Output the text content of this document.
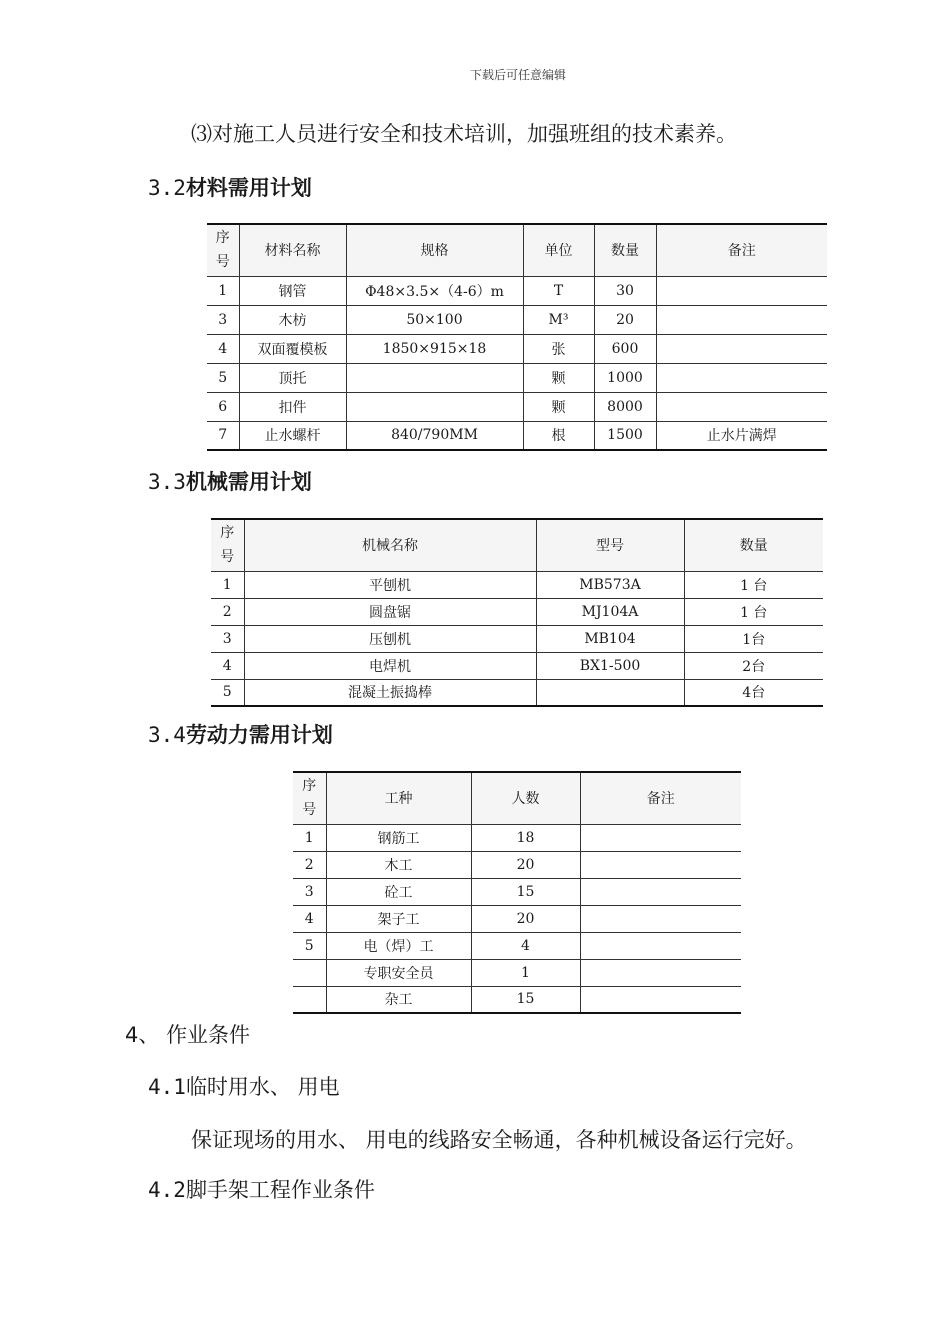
下载后可任意编辑
⑶对施工人员进行安全和技术培训，加强班组的技术素养。
3.2材料需用计划
序
号	材料名称	规格	单位	数量	备注
1	钢管	Φ48×3.5×（4-6）m	T	30	
3	木枋	50×100	M³	20	
4	双面覆模板	1850×915×18	张	600	
5	顶托		颗	1000	
6	扣件		颗	8000	
7	止水螺杆	840/790MM	根	1500	止水片满焊
3.3机械需用计划
序
号	机械名称	型号	数量
1	平刨机	MB573A	1 台
2	圆盘锯	MJ104A	1 台
3	压刨机	MB104	1台
4	电焊机	BX1-500	2台
5	混凝土振捣棒		4台
3.4劳动力需用计划
序
号	工种	人数	备注
1	钢筋工	18	
2	木工	20	
3	砼工	15	
4	架子工	20	
5	电（焊）工	4	
	专职安全员	1	
	杂工	15	
4、 作业条件
4.1临时用水、 用电
保证现场的用水、 用电的线路安全畅通，各种机械设备运行完好。
4.2脚手架工程作业条件
